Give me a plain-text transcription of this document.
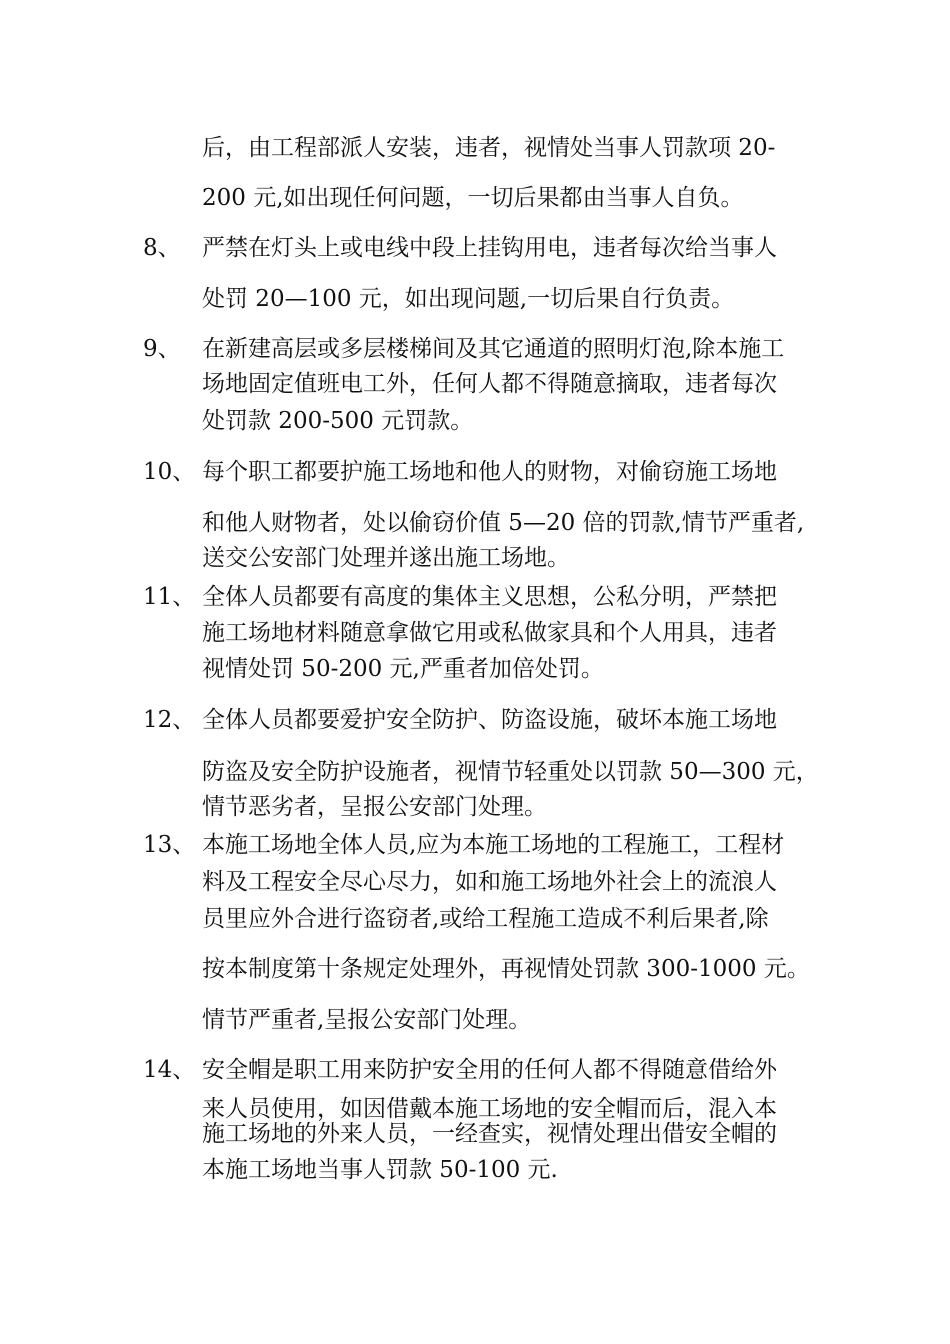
后，由工程部派人安装，违者，视情处当事人罚款项 20-
200 元,如出现任何问题，一切后果都由当事人自负。
8、 严禁在灯头上或电线中段上挂钩用电，违者每次给当事人
处罚 20—100 元，如出现问题,一切后果自行负责。
9、 在新建高层或多层楼梯间及其它通道的照明灯泡,除本施工
场地固定值班电工外，任何人都不得随意摘取，违者每次
处罚款 200-500 元罚款。
10、 每个职工都要护施工场地和他人的财物，对偷窃施工场地
和他人财物者，处以偷窃价值 5—20 倍的罚款,情节严重者,
送交公安部门处理并遂出施工场地。
11、 全体人员都要有高度的集体主义思想，公私分明，严禁把
施工场地材料随意拿做它用或私做家具和个人用具，违者
视情处罚 50-200 元,严重者加倍处罚。
12、 全体人员都要爱护安全防护、防盗设施，破坏本施工场地
防盗及安全防护设施者，视情节轻重处以罚款 50—300 元，
情节恶劣者，呈报公安部门处理。
13、 本施工场地全体人员,应为本施工场地的工程施工，工程材
料及工程安全尽心尽力，如和施工场地外社会上的流浪人
员里应外合进行盗窃者,或给工程施工造成不利后果者,除
按本制度第十条规定处理外，再视情处罚款 300-1000 元。
情节严重者,呈报公安部门处理。
14、 安全帽是职工用来防护安全用的任何人都不得随意借给外
来人员使用，如因借戴本施工场地的安全帽而后，混入本
施工场地的外来人员，一经查实，视情处理出借安全帽的
本施工场地当事人罚款 50-100 元.
